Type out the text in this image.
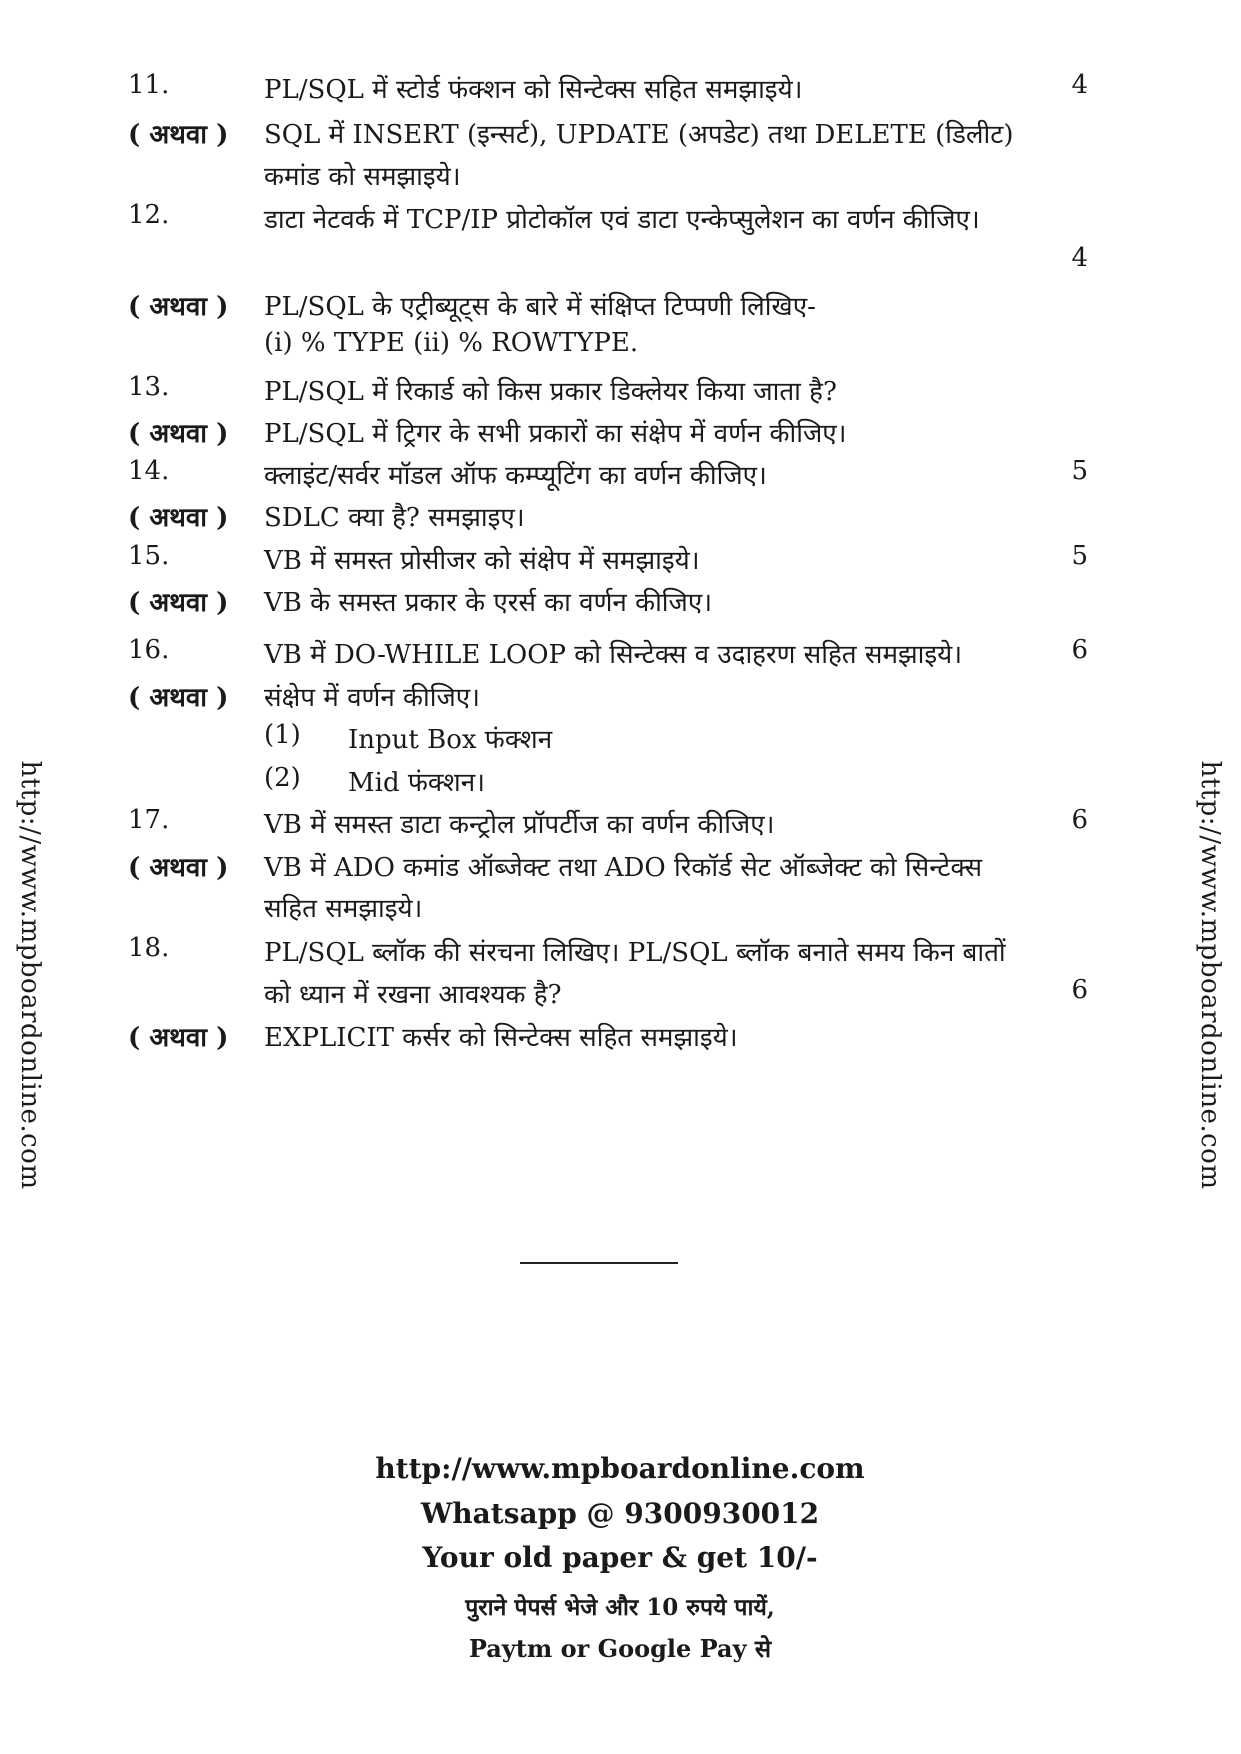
http://www.mpboardonline.com	http://www.mpboardonline.com
11.	PL/SQL में स्टोर्ड फंक्शन को सिन्टेक्स सहित समझाइये।	4
( अथवा ) SQL में INSERT (इन्सर्ट), UPDATE (अपडेट) तथा DELETE (डिलीट)
कमांड को समझाइये।
12.	डाटा नेटवर्क में TCP/IP प्रोटोकॉल एवं डाटा एन्केप्सुलेशन का वर्णन कीजिए।
4
( अथवा ) PL/SQL के एट्रीब्यूट्स के बारे में संक्षिप्त टिप्पणी लिखिए-
(i) % TYPE (ii) % ROWTYPE.
13.	PL/SQL में रिकार्ड को किस प्रकार डिक्लेयर किया जाता है?
( अथवा ) PL/SQL में ट्रिगर के सभी प्रकारों का संक्षेप में वर्णन कीजिए।
14.	क्लाइंट/सर्वर मॉडल ऑफ कम्प्यूटिंग का वर्णन कीजिए।	5
( अथवा ) SDLC क्या है? समझाइए।
15.	VB में समस्त प्रोसीजर को संक्षेप में समझाइये।	5
( अथवा ) VB के समस्त प्रकार के एरर्स का वर्णन कीजिए।
16.	VB में DO-WHILE LOOP को सिन्टेक्स व उदाहरण सहित समझाइये।	6
( अथवा ) संक्षेप में वर्णन कीजिए।
(1) Input Box फंक्शन
(2) Mid फंक्शन।
17.	VB में समस्त डाटा कन्ट्रोल प्रॉपर्टीज का वर्णन कीजिए।	6
( अथवा ) VB में ADO कमांड ऑब्जेक्ट तथा ADO रिकॉर्ड सेट ऑब्जेक्ट को सिन्टेक्स
सहित समझाइये।
18.	PL/SQL ब्लॉक की संरचना लिखिए। PL/SQL ब्लॉक बनाते समय किन बातों
को ध्यान में रखना आवश्यक है?	6
( अथवा ) EXPLICIT कर्सर को सिन्टेक्स सहित समझाइये।
http://www.mpboardonline.com
Whatsapp @ 9300930012
Your old paper & get 10/-
पुराने पेपर्स भेजे और 10 रुपये पायें,
Paytm or Google Pay से
